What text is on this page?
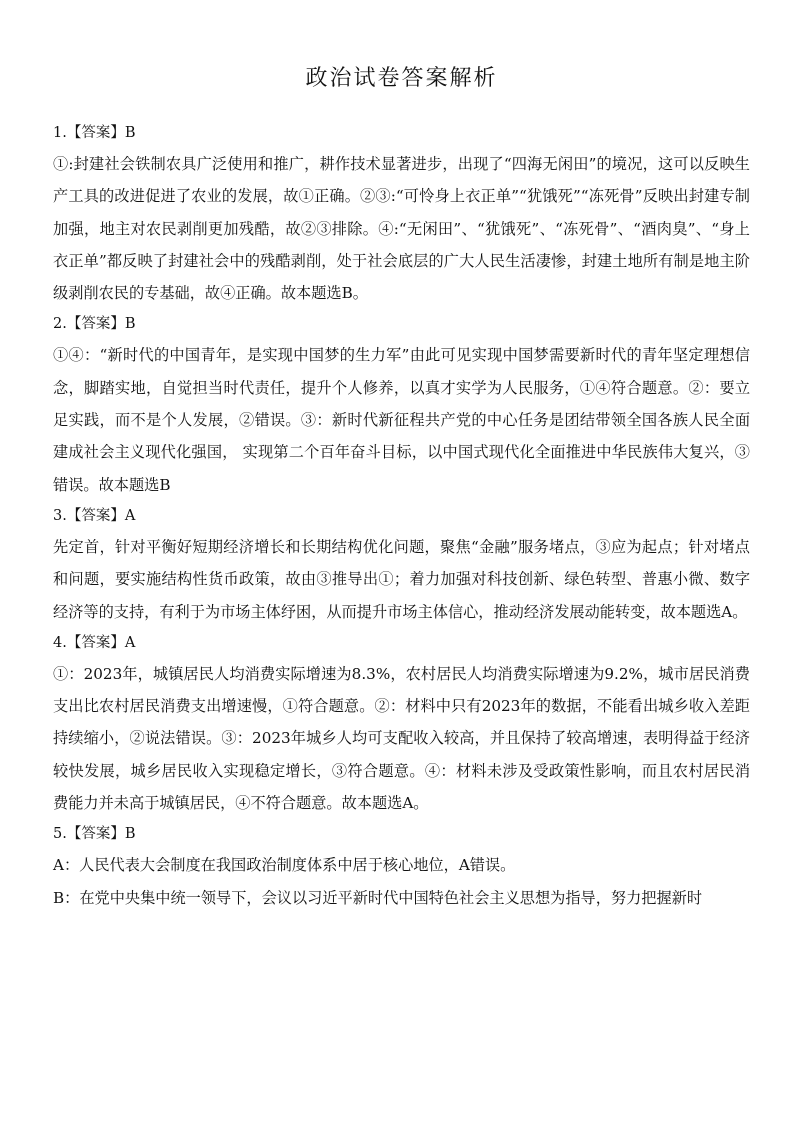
政治试卷答案解析
1.【答案】B

①:封建社会铁制农具广泛使用和推广，耕作技术显著进步，出现了“四海无闲田”的境况，这可以反映生产工具的改进促进了农业的发展，故①正确。②③:“可怜身上衣正单”“犹饿死”“冻死骨”反映出封建专制加强，地主对农民剥削更加残酷，故②③排除。④:“无闲田”、“犹饿死”、“冻死骨”、“酒肉臭”、“身上衣正单”都反映了封建社会中的残酷剥削，处于社会底层的广大人民生活凄惨，封建土地所有制是地主阶级剥削农民的专基础，故④正确。故本题选B。

2.【答案】B

①④：“新时代的中国青年，是实现中国梦的生力军”由此可见实现中国梦需要新时代的青年坚定理想信念，脚踏实地，自觉担当时代责任，提升个人修养，以真才实学为人民服务，①④符合题意。②：要立足实践，而不是个人发展，②错误。③：新时代新征程共产党的中心任务是团结带领全国各族人民全面建成社会主义现代化强国， 实现第二个百年奋斗目标，以中国式现代化全面推进中华民族伟大复兴，③错误。故本题选B

3.【答案】A

先定首，针对平衡好短期经济增长和长期结构优化问题，聚焦“金融”服务堵点，③应为起点；针对堵点和问题，要实施结构性货币政策，故由③推导出①；着力加强对科技创新、绿色转型、普惠小微、数字经济等的支持，有利于为市场主体纾困，从而提升市场主体信心，推动经济发展动能转变，故本题选A。

4.【答案】A

①：2023年，城镇居民人均消费实际增速为8.3%，农村居民人均消费实际增速为9.2%，城市居民消费支出比农村居民消费支出增速慢，①符合题意。②：材料中只有2023年的数据，不能看出城乡收入差距持续缩小，②说法错误。③：2023年城乡人均可支配收入较高，并且保持了较高增速，表明得益于经济较快发展，城乡居民收入实现稳定增长，③符合题意。④：材料未涉及受政策性影响，而且农村居民消费能力并未高于城镇居民，④不符合题意。故本题选A。

5.【答案】B

A：人民代表大会制度在我国政治制度体系中居于核心地位，A错误。

B：在党中央集中统一领导下，会议以习近平新时代中国特色社会主义思想为指导，努力把握新时
